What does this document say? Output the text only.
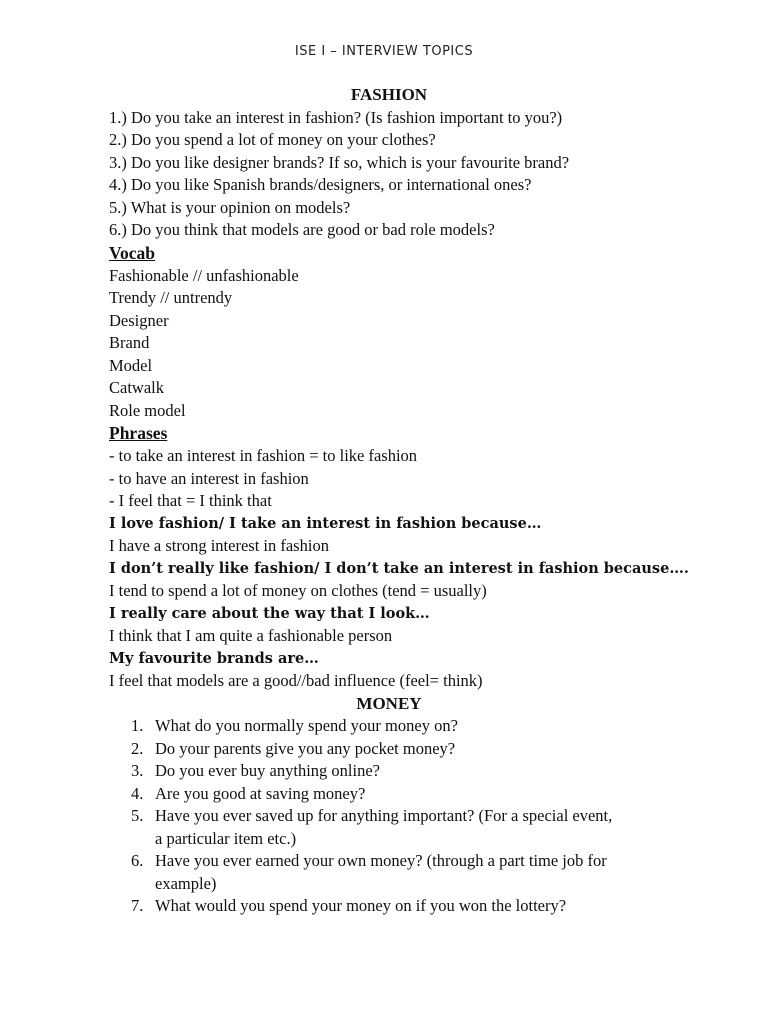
ISE I – INTERVIEW TOPICS
FASHION
1.) Do you take an interest in fashion? (Is fashion important to you?)
2.) Do you spend a lot of money on your clothes?
3.) Do you like designer brands? If so, which is your favourite brand?
4.) Do you like Spanish brands/designers, or international ones?
5.) What is your opinion on models?
6.) Do you think that models are good or bad role models?
Vocab
Fashionable // unfashionable
Trendy // untrendy
Designer
Brand
Model
Catwalk
Role model
Phrases
- to take an interest in fashion = to like fashion
- to have an interest in fashion
- I feel that = I think that
I love fashion/ I take an interest in fashion because…
I have a strong interest in fashion
I don’t really like fashion/ I don’t take an interest in fashion because….
I tend to spend a lot of money on clothes (tend = usually)
I really care about the way that I look…
I think that I am quite a fashionable person
My favourite brands are…
I feel that models are a good//bad influence (feel= think)
MONEY
1. What do you normally spend your money on?
2. Do your parents give you any pocket money?
3. Do you ever buy anything online?
4. Are you good at saving money?
5. Have you ever saved up for anything important? (For a special event,
a particular item etc.)
6. Have you ever earned your own money? (through a part time job for
example)
7. What would you spend your money on if you won the lottery?
